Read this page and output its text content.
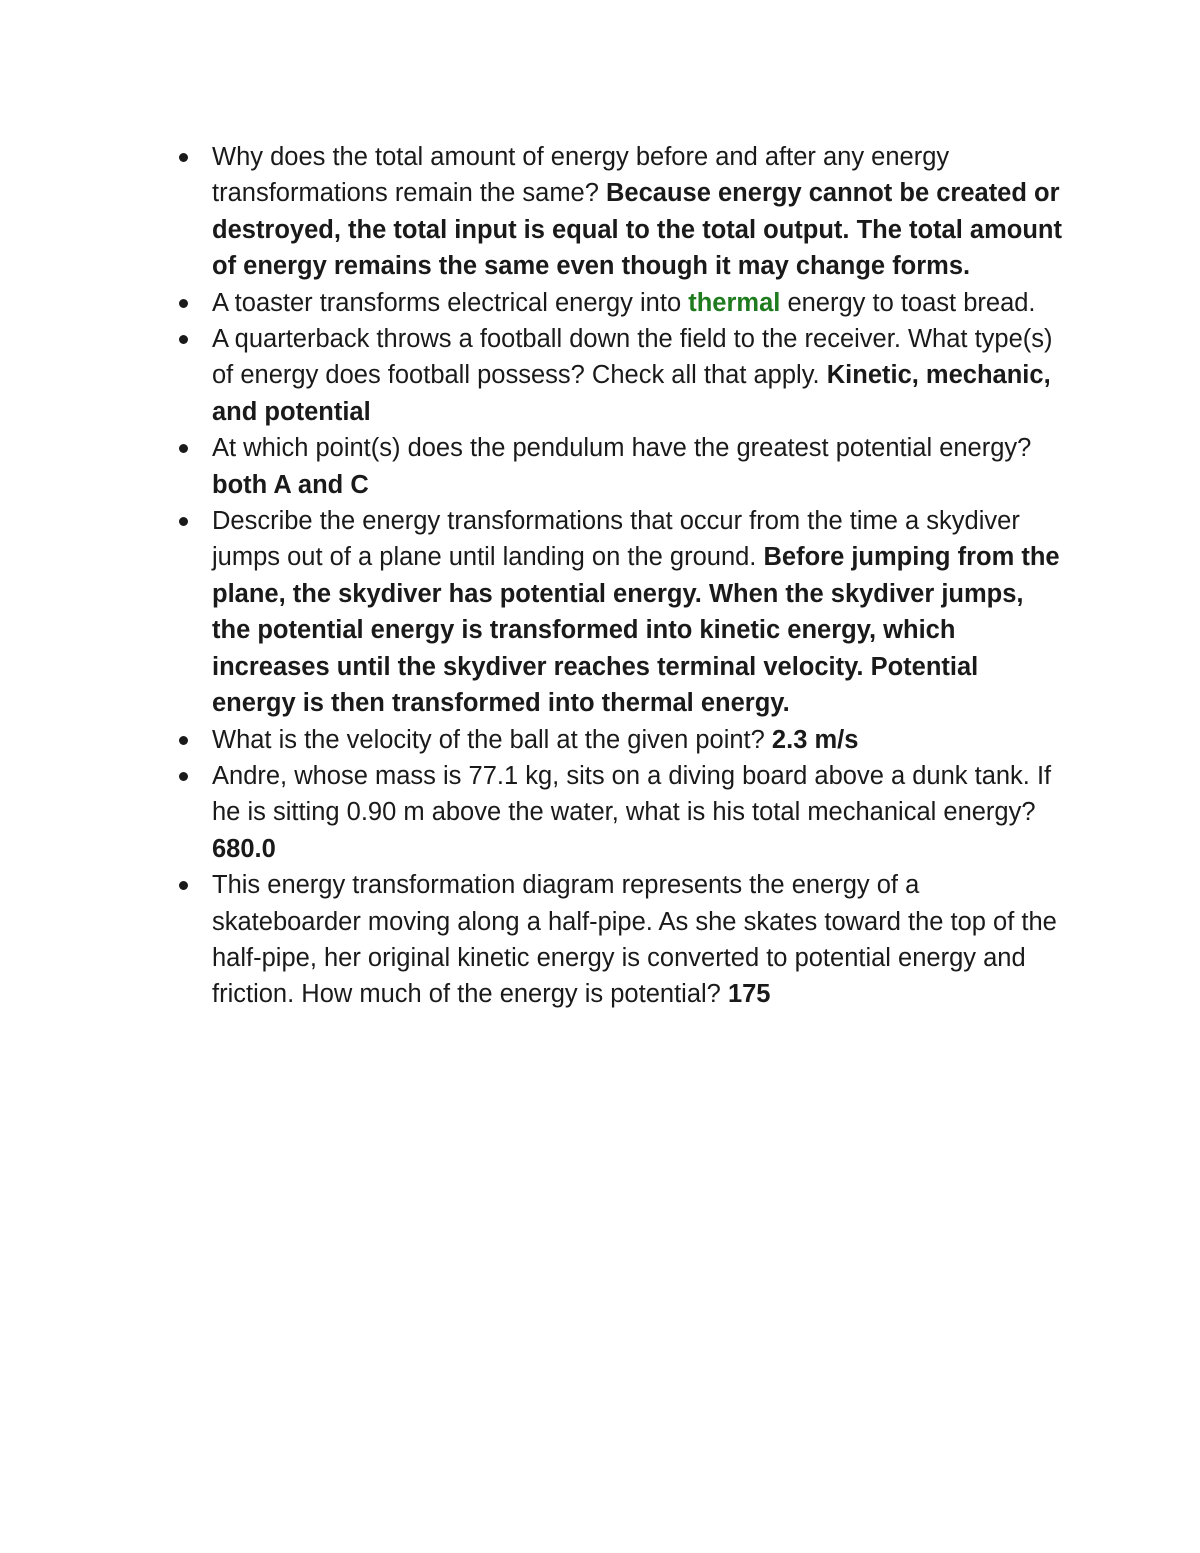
Why does the total amount of energy before and after any energy transformations remain the same? Because energy cannot be created or destroyed, the total input is equal to the total output. The total amount of energy remains the same even though it may change forms.
A toaster transforms electrical energy into thermal energy to toast bread.
A quarterback throws a football down the field to the receiver. What type(s) of energy does football possess? Check all that apply. Kinetic, mechanic, and potential
At which point(s) does the pendulum have the greatest potential energy? both A and C
Describe the energy transformations that occur from the time a skydiver jumps out of a plane until landing on the ground. Before jumping from the plane, the skydiver has potential energy. When the skydiver jumps, the potential energy is transformed into kinetic energy, which increases until the skydiver reaches terminal velocity. Potential energy is then transformed into thermal energy.
What is the velocity of the ball at the given point? 2.3 m/s
Andre, whose mass is 77.1 kg, sits on a diving board above a dunk tank. If he is sitting 0.90 m above the water, what is his total mechanical energy? 680.0
This energy transformation diagram represents the energy of a skateboarder moving along a half-pipe. As she skates toward the top of the half-pipe, her original kinetic energy is converted to potential energy and friction. How much of the energy is potential? 175
